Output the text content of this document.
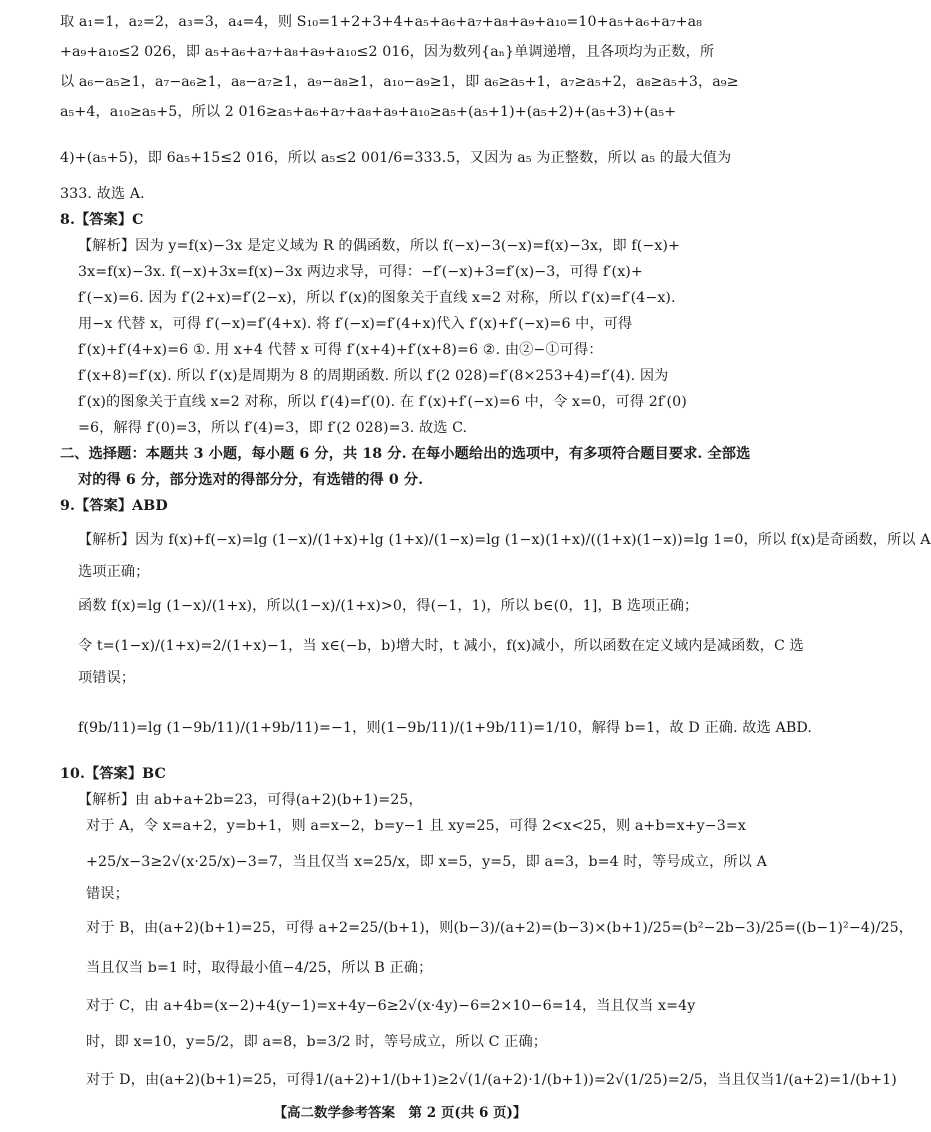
取 a₁=1，a₂=2，a₃=3，a₄=4，则 S₁₀=1+2+3+4+a₅+a₆+a₇+a₈+a₉+a₁₀=10+a₅+a₆+a₇+a₈
+a₉+a₁₀≤2 026，即 a₅+a₆+a₇+a₈+a₉+a₁₀≤2 016，因为数列{aₙ}单调递增，且各项均为正数，所
以 a₆−a₅≥1，a₇−a₆≥1，a₈−a₇≥1，a₉−a₈≥1，a₁₀−a₉≥1，即 a₆≥a₅+1，a₇≥a₅+2，a₈≥a₅+3，a₉≥
a₅+4，a₁₀≥a₅+5，所以 2 016≥a₅+a₆+a₇+a₈+a₉+a₁₀≥a₅+(a₅+1)+(a₅+2)+(a₅+3)+(a₅+
4)+(a₅+5)，即 6a₅+15≤2 016，所以 a₅≤2 001/6=333.5，又因为 a₅ 为正整数，所以 a₅ 的最大值为
333. 故选 A.
8.【答案】C
【解析】因为 y=f(x)−3x 是定义域为 R 的偶函数，所以 f(−x)−3(−x)=f(x)−3x，即 f(−x)+
3x=f(x)−3x. f(−x)+3x=f(x)−3x 两边求导，可得：−f′(−x)+3=f′(x)−3，可得 f′(x)+
f′(−x)=6. 因为 f′(2+x)=f′(2−x)，所以 f′(x)的图象关于直线 x=2 对称，所以 f′(x)=f′(4−x).
用−x 代替 x，可得 f′(−x)=f′(4+x). 将 f′(−x)=f′(4+x)代入 f′(x)+f′(−x)=6 中，可得
f′(x)+f′(4+x)=6 ①. 用 x+4 代替 x 可得 f′(x+4)+f′(x+8)=6 ②. 由②−①可得：
f′(x+8)=f′(x). 所以 f′(x)是周期为 8 的周期函数. 所以 f′(2 028)=f′(8×253+4)=f′(4). 因为
f′(x)的图象关于直线 x=2 对称，所以 f′(4)=f′(0). 在 f′(x)+f′(−x)=6 中，令 x=0，可得 2f′(0)
=6，解得 f′(0)=3，所以 f′(4)=3，即 f′(2 028)=3. 故选 C.
二、选择题：本题共 3 小题，每小题 6 分，共 18 分. 在每小题给出的选项中，有多项符合题目要求. 全部选
对的得 6 分，部分选对的得部分分，有选错的得 0 分.
9.【答案】ABD
【解析】因为 f(x)+f(−x)=lg (1−x)/(1+x)+lg (1+x)/(1−x)=lg (1−x)(1+x)/((1+x)(1−x))=lg 1=0，所以 f(x)是奇函数，所以 A
选项正确；
函数 f(x)=lg (1−x)/(1+x)，所以(1−x)/(1+x)>0，得(−1，1)，所以 b∈(0，1]，B 选项正确；
令 t=(1−x)/(1+x)=2/(1+x)−1，当 x∈(−b，b)增大时，t 减小，f(x)减小，所以函数在定义域内是减函数，C 选
项错误；
f(9b/11)=lg (1−9b/11)/(1+9b/11)=−1，则(1−9b/11)/(1+9b/11)=1/10，解得 b=1，故 D 正确. 故选 ABD.
10.【答案】BC
【解析】由 ab+a+2b=23，可得(a+2)(b+1)=25，
对于 A，令 x=a+2，y=b+1，则 a=x−2，b=y−1 且 xy=25，可得 2<x<25，则 a+b=x+y−3=x
+25/x−3≥2√(x·25/x)−3=7，当且仅当 x=25/x，即 x=5，y=5，即 a=3，b=4 时，等号成立，所以 A
错误；
对于 B，由(a+2)(b+1)=25，可得 a+2=25/(b+1)，则(b−3)/(a+2)=(b−3)×(b+1)/25=(b²−2b−3)/25=((b−1)²−4)/25，
当且仅当 b=1 时，取得最小值−4/25，所以 B 正确；
对于 C，由 a+4b=(x−2)+4(y−1)=x+4y−6≥2√(x·4y)−6=2×10−6=14，当且仅当 x=4y
时，即 x=10，y=5/2，即 a=8，b=3/2 时，等号成立，所以 C 正确；
对于 D，由(a+2)(b+1)=25，可得1/(a+2)+1/(b+1)≥2√(1/(a+2)·1/(b+1))=2√(1/25)=2/5，当且仅当1/(a+2)=1/(b+1)
【高二数学参考答案　第 2 页(共 6 页)】
